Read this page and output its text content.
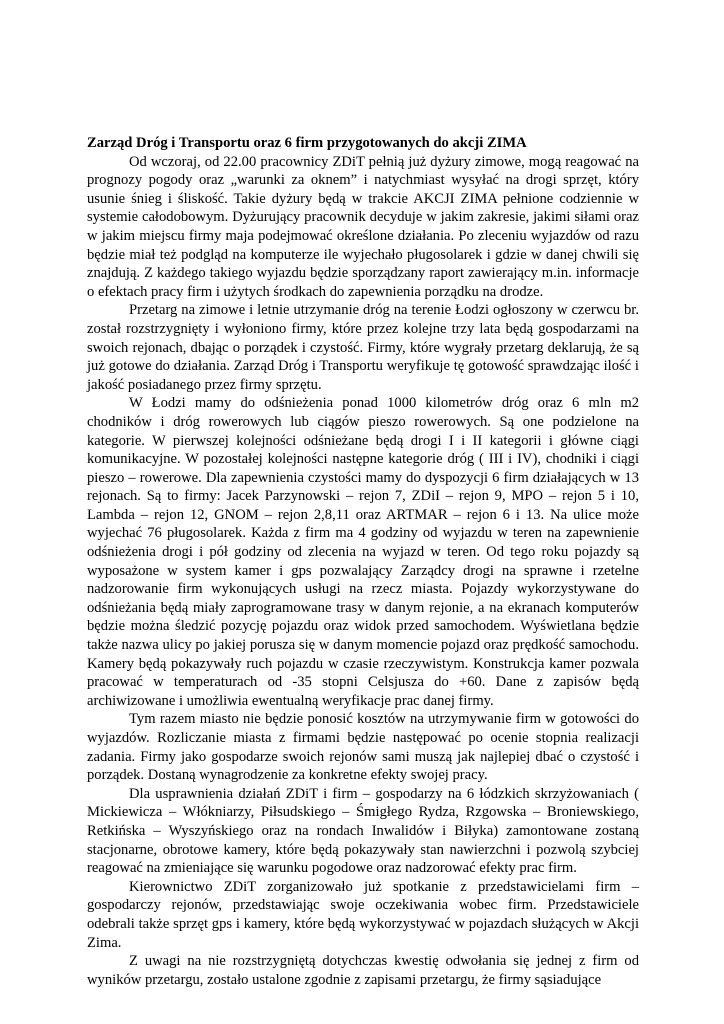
Zarząd Dróg i Transportu oraz 6 firm przygotowanych do akcji ZIMA

Od wczoraj, od 22.00 pracownicy ZDiT pełnią już dyżury zimowe, mogą reagować na prognozy pogody oraz „warunki za oknem” i natychmiast wysyłać na drogi sprzęt, który usunie śnieg i śliskość. Takie dyżury będą w trakcie AKCJI ZIMA pełnione codziennie w systemie całodobowym. Dyżurujący pracownik decyduje w jakim zakresie, jakimi siłami oraz w jakim miejscu firmy maja podejmować określone działania. Po zleceniu wyjazdów od razu będzie miał też podgląd na komputerze ile wyjechało pługosolarek i gdzie w danej chwili się znajdują. Z każdego takiego wyjazdu będzie sporządzany raport zawierający m.in. informacje o efektach pracy firm i użytych środkach do zapewnienia porządku na drodze.

Przetarg na zimowe i letnie utrzymanie dróg na terenie Łodzi ogłoszony w czerwcu br. został rozstrzygnięty i wyłoniono firmy, które przez kolejne trzy lata będą gospodarzami na swoich rejonach, dbając o porządek i czystość. Firmy, które wygrały przetarg deklarują, że są już gotowe do działania. Zarząd Dróg i Transportu weryfikuje tę gotowość sprawdzając ilość i jakość posiadanego przez firmy sprzętu.

W Łodzi mamy do odśnieżenia ponad 1000 kilometrów dróg oraz 6 mln m2 chodników i dróg rowerowych lub ciągów pieszo rowerowych. Są one podzielone na kategorie. W pierwszej kolejności odśnieżane będą drogi I i II kategorii i główne ciągi komunikacyjne. W pozostałej kolejności następne kategorie dróg ( III i IV), chodniki i ciągi pieszo – rowerowe. Dla zapewnienia czystości mamy do dyspozycji 6 firm działających w 13 rejonach. Są to firmy: Jacek Parzynowski – rejon 7, ZDiI – rejon 9, MPO – rejon 5 i 10, Lambda – rejon 12, GNOM – rejon 2,8,11 oraz ARTMAR – rejon 6 i 13. Na ulice może wyjechać 76 pługosolarek. Każda z firm ma 4 godziny od wyjazdu w teren na zapewnienie odśnieżenia drogi i pół godziny od zlecenia na wyjazd w teren. Od tego roku pojazdy są wyposażone w system kamer i gps pozwalający Zarządcy drogi na sprawne i rzetelne nadzorowanie firm wykonujących usługi na rzecz miasta. Pojazdy wykorzystywane do odśnieżania będą miały zaprogramowane trasy w danym rejonie, a na ekranach komputerów będzie można śledzić pozycję pojazdu oraz widok przed samochodem. Wyświetlana będzie także nazwa ulicy po jakiej porusza się w danym momencie pojazd oraz prędkość samochodu. Kamery będą pokazywały ruch pojazdu w czasie rzeczywistym. Konstrukcja kamer pozwala pracować w temperaturach od -35 stopni Celsjusza do +60. Dane z zapisów będą archiwizowane i umożliwia ewentualną weryfikacje prac danej firmy.

Tym razem miasto nie będzie ponosić kosztów na utrzymywanie firm w gotowości do wyjazdów. Rozliczanie miasta z firmami będzie następować po ocenie stopnia realizacji zadania. Firmy jako gospodarze swoich rejonów sami muszą jak najlepiej dbać o czystość i porządek. Dostaną wynagrodzenie za konkretne efekty swojej pracy.

Dla usprawnienia działań ZDiT i firm – gospodarzy na 6 łódzkich skrzyżowaniach ( Mickiewicza – Włókniarzy, Piłsudskiego – Śmigłego Rydza, Rzgowska – Broniewskiego, Retkińska – Wyszyńskiego oraz na rondach Inwalidów i Biłyka) zamontowane zostaną stacjonarne, obrotowe kamery, które będą pokazywały stan nawierzchni i pozwolą szybciej reagować na zmieniające się warunku pogodowe oraz nadzorować efekty prac firm.

Kierownictwo ZDiT zorganizowało już spotkanie z przedstawicielami firm – gospodarczy rejonów, przedstawiając swoje oczekiwania wobec firm. Przedstawiciele odebrali także sprzęt gps i kamery, które będą wykorzystywać w pojazdach służących w Akcji Zima.

Z uwagi na nie rozstrzygniętą dotychczas kwestię odwołania się jednej z firm od wyników przetargu, zostało ustalone zgodnie z zapisami przetargu, że firmy sąsiadujące
